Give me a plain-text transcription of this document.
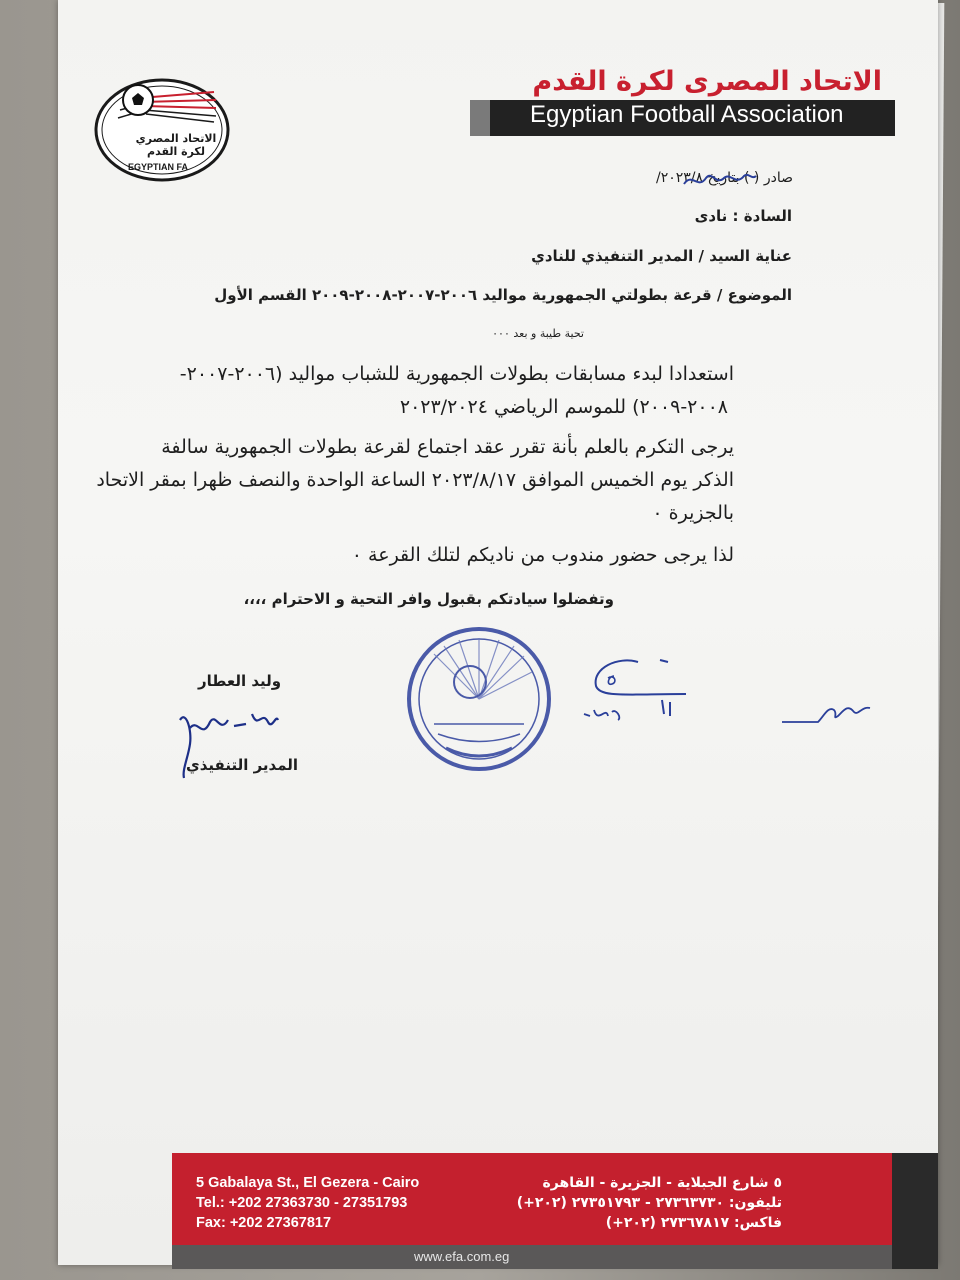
الاتحاد المصري
لكرة القدم
EGYPTIAN FA
الاتحاد المصرى لكرة القدم
Egyptian Football Association
صادر ( ) بتاريخ ٢٠٢٣/٨/
السادة : نادى
عناية السيد / المدير التنفيذي للنادي
الموضوع / قرعة بطولتي الجمهورية مواليد ٢٠٠٦-٢٠٠٧-٢٠٠٨-٢٠٠٩ القسم الأول
تحية طيبة و بعد ٠٠٠
استعدادا لبدء مسابقات بطولات الجمهورية للشباب مواليد (٢٠٠٦-٢٠٠٧-
٢٠٠٨-٢٠٠٩) للموسم الرياضي ٢٠٢٣/٢٠٢٤
يرجى التكرم بالعلم بأنة تقرر عقد اجتماع لقرعة بطولات الجمهورية سالفة
الذكر يوم الخميس الموافق ٢٠٢٣/٨/١٧ الساعة الواحدة والنصف ظهرا بمقر الاتحاد
بالجزيرة ٠
لذا يرجى حضور مندوب من ناديكم لتلك القرعة ٠
وتفضلوا سيادتكم بقبول وافر التحية و الاحترام ،،،،
وليد العطار
المدير التنفيذي
5 Gabalaya St., El Gezera - Cairo
Tel.: +202 27363730 - 27351793
Fax: +202 27367817
٥ شارع الجبلاية - الجزيرة - القاهرة
تليفون: ٢٧٣٦٣٧٣٠ - ٢٧٣٥١٧٩٣ (٢٠٢+)
فاكس: ٢٧٣٦٧٨١٧ (٢٠٢+)
www.efa.com.eg
